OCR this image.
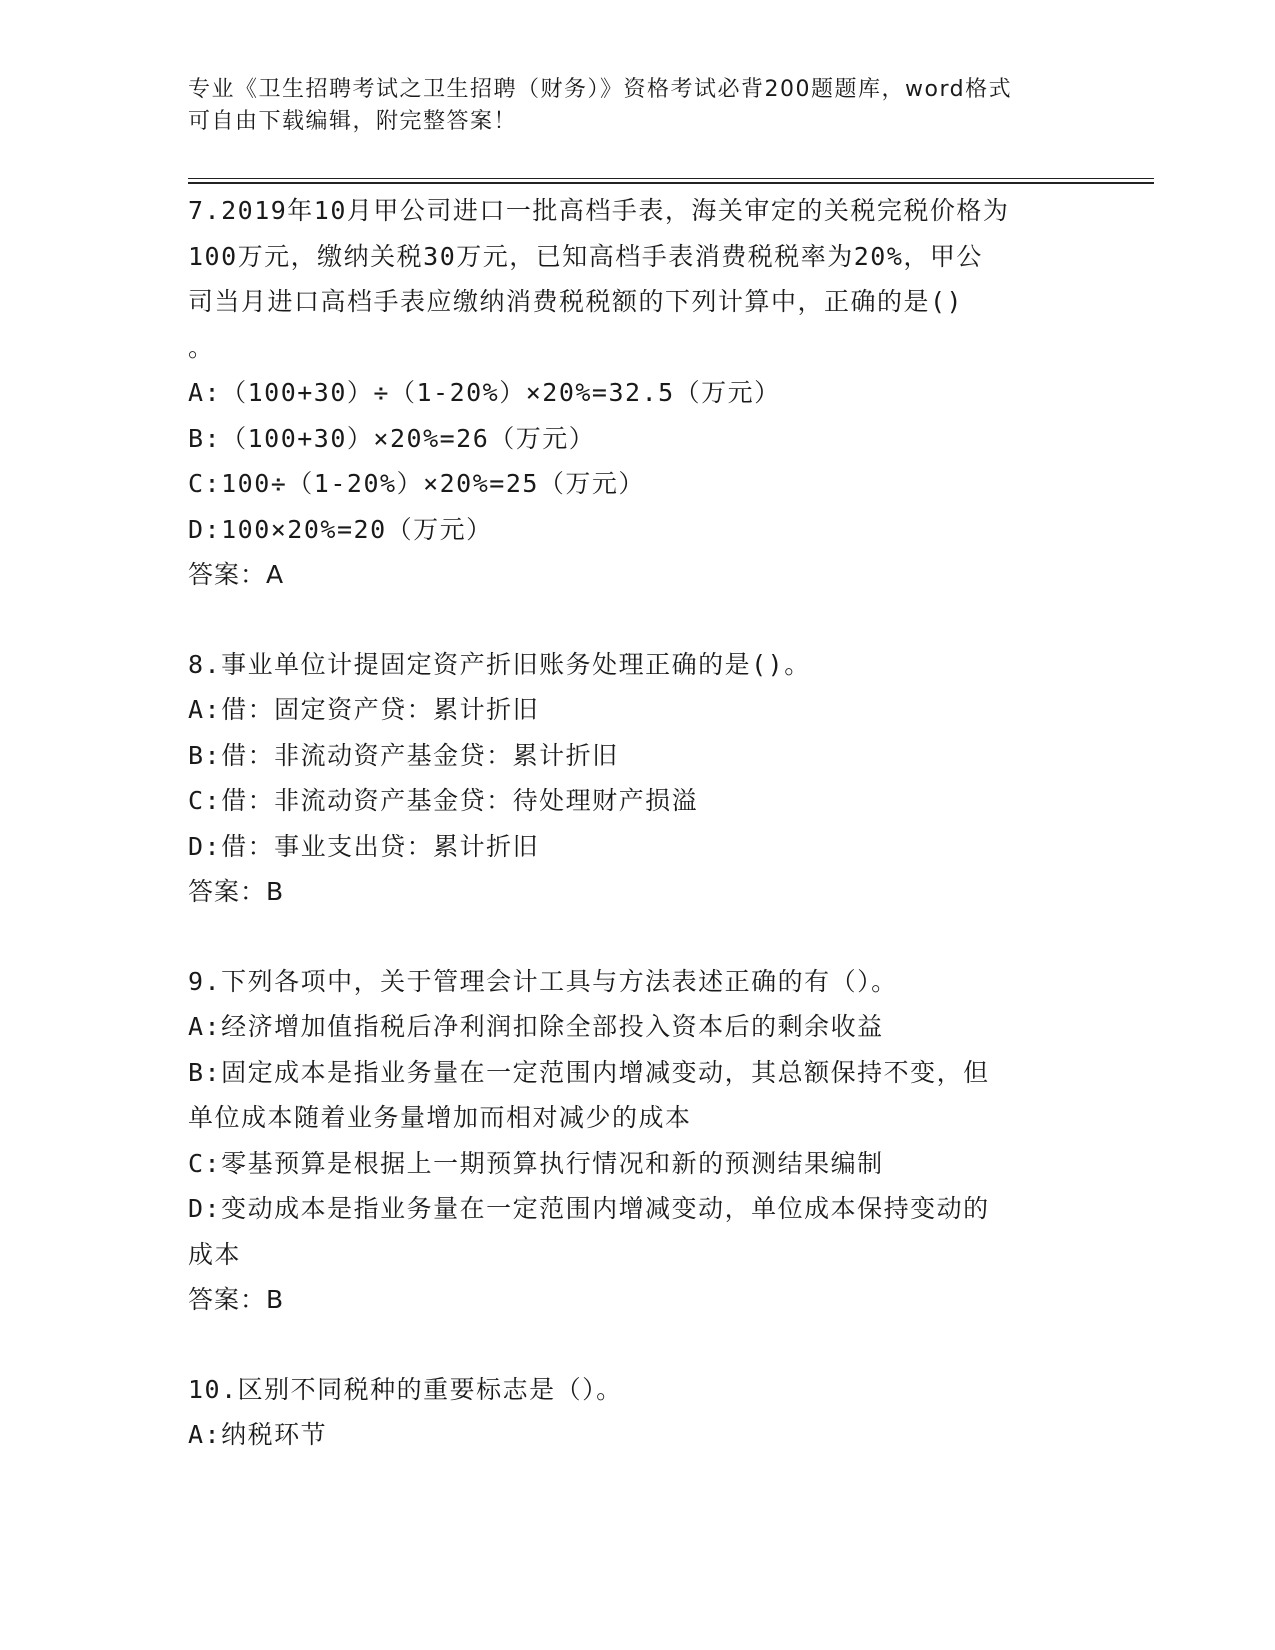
专业《卫生招聘考试之卫生招聘（财务）》资格考试必背200题题库，word格式
可自由下载编辑，附完整答案！
7.2019年10月甲公司进口一批高档手表，海关审定的关税完税价格为
100万元，缴纳关税30万元，已知高档手表消费税税率为20%，甲公
司当月进口高档手表应缴纳消费税税额的下列计算中，正确的是()
。
A:（100+30）÷（1-20%）×20%=32.5（万元）
B:（100+30）×20%=26（万元）
C:100÷（1-20%）×20%=25（万元）
D:100×20%=20（万元）
答案：A
8.事业单位计提固定资产折旧账务处理正确的是()。
A:借：固定资产贷：累计折旧
B:借：非流动资产基金贷：累计折旧
C:借：非流动资产基金贷：待处理财产损溢
D:借：事业支出贷：累计折旧
答案：B
9.下列各项中，关于管理会计工具与方法表述正确的有（）。
A:经济增加值指税后净利润扣除全部投入资本后的剩余收益
B:固定成本是指业务量在一定范围内增减变动，其总额保持不变，但
单位成本随着业务量增加而相对减少的成本
C:零基预算是根据上一期预算执行情况和新的预测结果编制
D:变动成本是指业务量在一定范围内增减变动，单位成本保持变动的
成本
答案：B
10.区别不同税种的重要标志是（）。
A:纳税环节
